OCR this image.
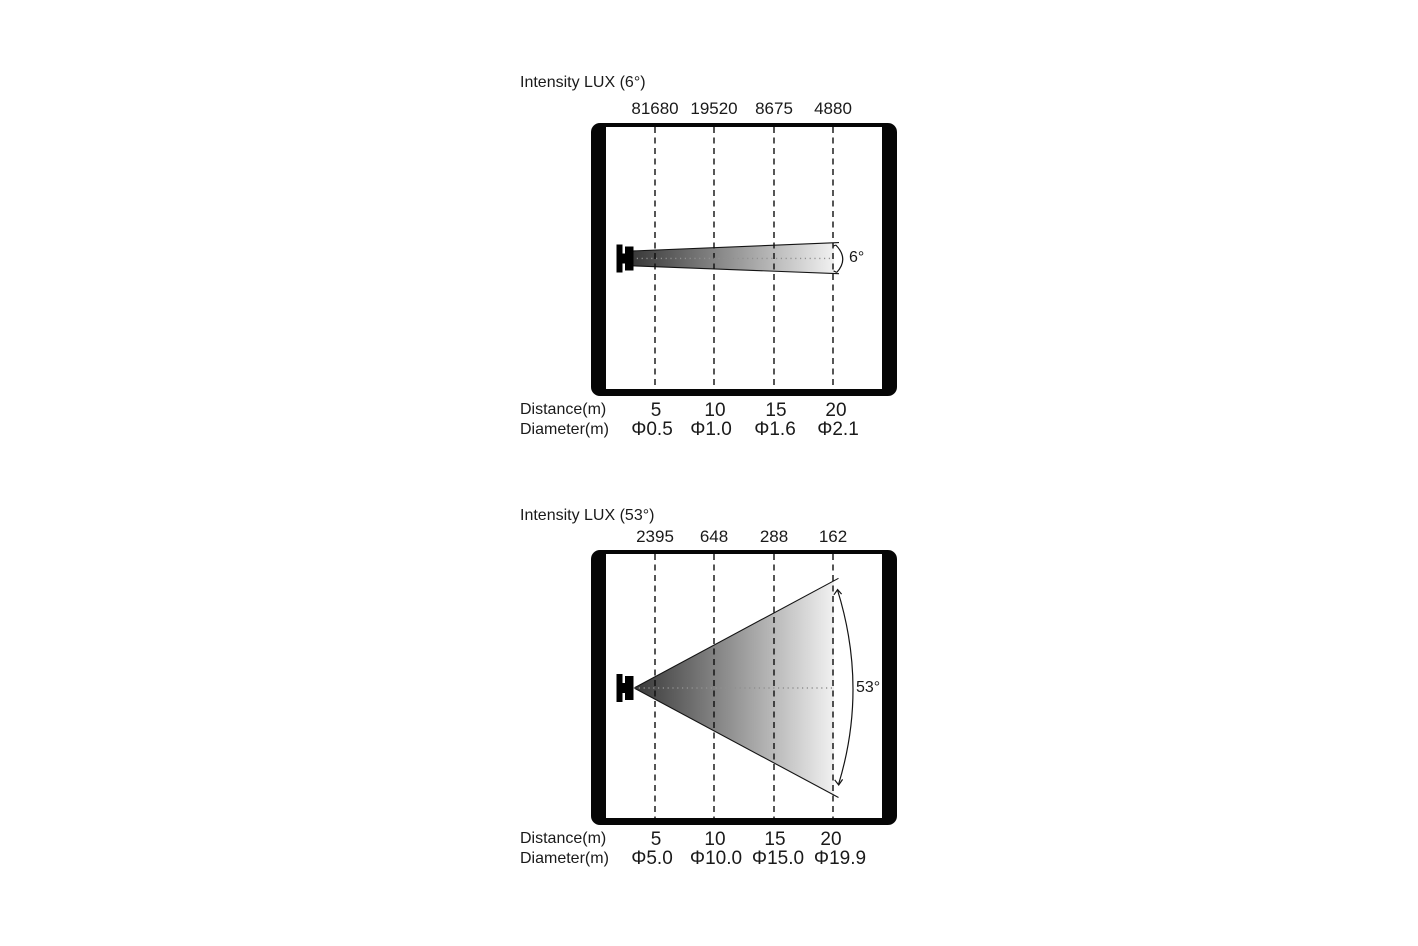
Intensity LUX (6°)
81680 19520 8675 4880
6°
Distance(m) 5 10 15 20
Diameter(m) Φ0.5 Φ1.0 Φ1.6 Φ2.1
Intensity LUX (53°)
2395 648 288 162
53°
Distance(m) 5 10 15 20
Diameter(m) Φ5.0 Φ10.0 Φ15.0 Φ19.9
